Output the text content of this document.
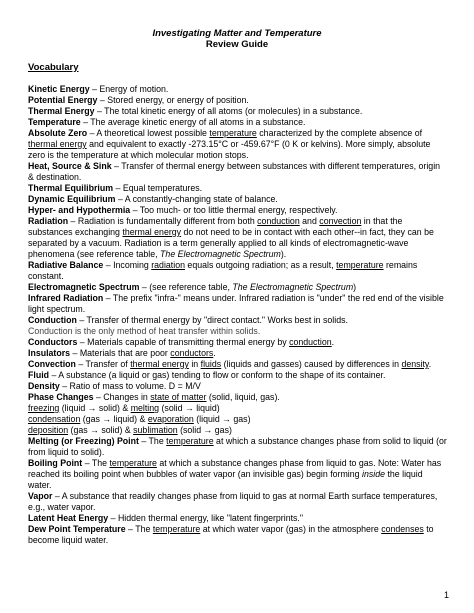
Investigating Matter and Temperature
Review Guide
Vocabulary

Kinetic Energy – Energy of motion.

Potential Energy – Stored energy, or energy of position.

Thermal Energy – The total kinetic energy of all atoms (or molecules) in a substance.

Temperature – The average kinetic energy of all atoms in a substance.

Absolute Zero – A theoretical lowest possible temperature characterized by the complete absence of thermal energy and equivalent to exactly -273.15°C or -459.67°F (0 K or kelvins). More simply, absolute zero is the temperature at which molecular motion stops.

Heat, Source & Sink – Transfer of thermal energy between substances with different temperatures, origin & destination.

Thermal Equilibrium – Equal temperatures.

Dynamic Equilibrium – A constantly-changing state of balance.

Hyper- and Hypothermia – Too much- or too little thermal energy, respectively.

Radiation – Radiation is fundamentally different from both conduction and convection in that the substances exchanging thermal energy do not need to be in contact with each other--in fact, they can be separated by a vacuum. Radiation is a term generally applied to all kinds of electromagnetic-wave phenomena (see reference table, The Electromagnetic Spectrum).

Radiative Balance – Incoming radiation equals outgoing radiation; as a result, temperature remains constant.

Electromagnetic Spectrum – (see reference table, The Electromagnetic Spectrum)

Infrared Radiation – The prefix "infra-" means under. Infrared radiation is "under" the red end of the visible light spectrum.

Conduction – Transfer of thermal energy by "direct contact." Works best in solids.
Conduction is the only method of heat transfer within solids.

Conductors – Materials capable of transmitting thermal energy by conduction.

Insulators – Materials that are poor conductors.

Convection – Transfer of thermal energy in fluids (liquids and gasses) caused by differences in density.

Fluid – A substance (a liquid or gas) tending to flow or conform to the shape of its container.

Density – Ratio of mass to volume. D = M/V

Phase Changes – Changes in state of matter (solid, liquid, gas).

freezing (liquid → solid) & melting (solid → liquid)

condensation (gas → liquid) & evaporation (liquid → gas)

deposition (gas → solid) & sublimation (solid → gas)

Melting (or Freezing) Point – The temperature at which a substance changes phase from solid to liquid (or from liquid to solid).

Boiling Point – The temperature at which a substance changes phase from liquid to gas. Note: Water has reached its boiling point when bubbles of water vapor (an invisible gas) begin forming inside the liquid water.

Vapor – A substance that readily changes phase from liquid to gas at normal Earth surface temperatures, e.g., water vapor.

Latent Heat Energy – Hidden thermal energy, like "latent fingerprints."

Dew Point Temperature – The temperature at which water vapor (gas) in the atmosphere condenses to become liquid water.

1
